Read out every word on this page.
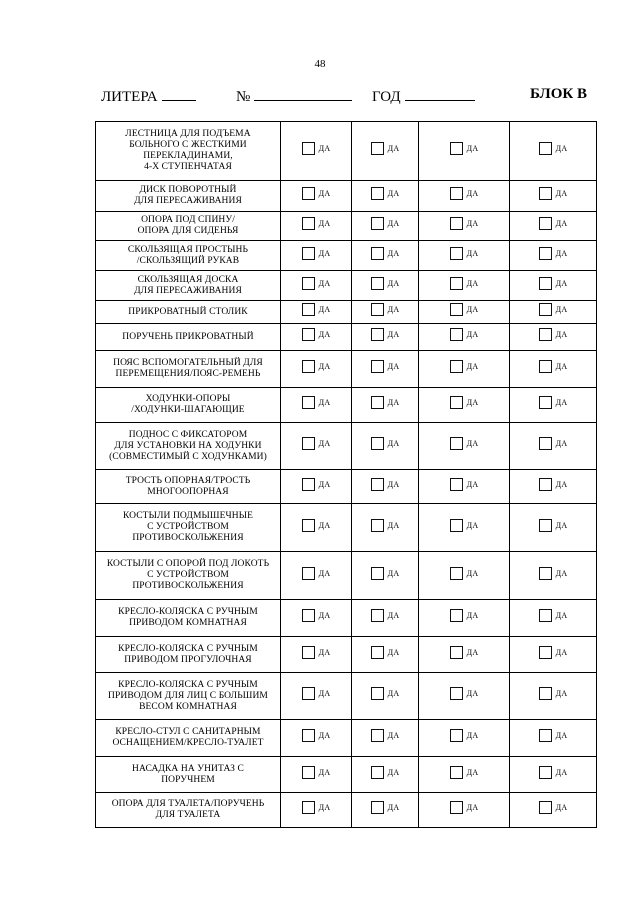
48
ЛИТЕРА	№	ГОД	БЛОК В
ЛЕСТНИЦА ДЛЯ ПОДЪЕМА
БОЛЬНОГО С ЖЕСТКИМИ
ПЕРЕКЛАДИНАМИ,
4-Х СТУПЕНЧАТАЯ	ДА	ДА	ДА	ДА

ДИСК ПОВОРОТНЫЙ
ДЛЯ ПЕРЕСАЖИВАНИЯ	ДА	ДА	ДА	ДА

ОПОРА ПОД СПИНУ/
ОПОРА ДЛЯ СИДЕНЬЯ	ДА	ДА	ДА	ДА

СКОЛЬЗЯЩАЯ ПРОСТЫНЬ
/СКОЛЬЗЯЩИЙ РУКАВ	ДА	ДА	ДА	ДА

СКОЛЬЗЯЩАЯ ДОСКА
ДЛЯ ПЕРЕСАЖИВАНИЯ	ДА	ДА	ДА	ДА

ПРИКРОВАТНЫЙ СТОЛИК	ДА	ДА	ДА	ДА

ПОРУЧЕНЬ ПРИКРОВАТНЫЙ	ДА	ДА	ДА	ДА

ПОЯС ВСПОМОГАТЕЛЬНЫЙ ДЛЯ
ПЕРЕМЕЩЕНИЯ/ПОЯС-РЕМЕНЬ	ДА	ДА	ДА	ДА

ХОДУНКИ-ОПОРЫ
/ХОДУНКИ-ШАГАЮЩИЕ	ДА	ДА	ДА	ДА

ПОДНОС С ФИКСАТОРОМ
ДЛЯ УСТАНОВКИ НА ХОДУНКИ
(СОВМЕСТИМЫЙ С ХОДУНКАМИ)	ДА	ДА	ДА	ДА

ТРОСТЬ ОПОРНАЯ/ТРОСТЬ
МНОГООПОРНАЯ	ДА	ДА	ДА	ДА

КОСТЫЛИ ПОДМЫШЕЧНЫЕ
С УСТРОЙСТВОМ
ПРОТИВОСКОЛЬЖЕНИЯ	ДА	ДА	ДА	ДА

КОСТЫЛИ С ОПОРОЙ ПОД ЛОКОТЬ
С УСТРОЙСТВОМ
ПРОТИВОСКОЛЬЖЕНИЯ	ДА	ДА	ДА	ДА

КРЕСЛО-КОЛЯСКА С РУЧНЫМ
ПРИВОДОМ КОМНАТНАЯ	ДА	ДА	ДА	ДА

КРЕСЛО-КОЛЯСКА С РУЧНЫМ
ПРИВОДОМ ПРОГУЛОЧНАЯ	ДА	ДА	ДА	ДА

КРЕСЛО-КОЛЯСКА С РУЧНЫМ
ПРИВОДОМ ДЛЯ ЛИЦ С БОЛЬШИМ
ВЕСОМ КОМНАТНАЯ	ДА	ДА	ДА	ДА

КРЕСЛО-СТУЛ С САНИТАРНЫМ
ОСНАЩЕНИЕМ/КРЕСЛО-ТУАЛЕТ	ДА	ДА	ДА	ДА

НАСАДКА НА УНИТАЗ С
ПОРУЧНЕМ	ДА	ДА	ДА	ДА

ОПОРА ДЛЯ ТУАЛЕТА/ПОРУЧЕНЬ
ДЛЯ ТУАЛЕТА	ДА	ДА	ДА	ДА
